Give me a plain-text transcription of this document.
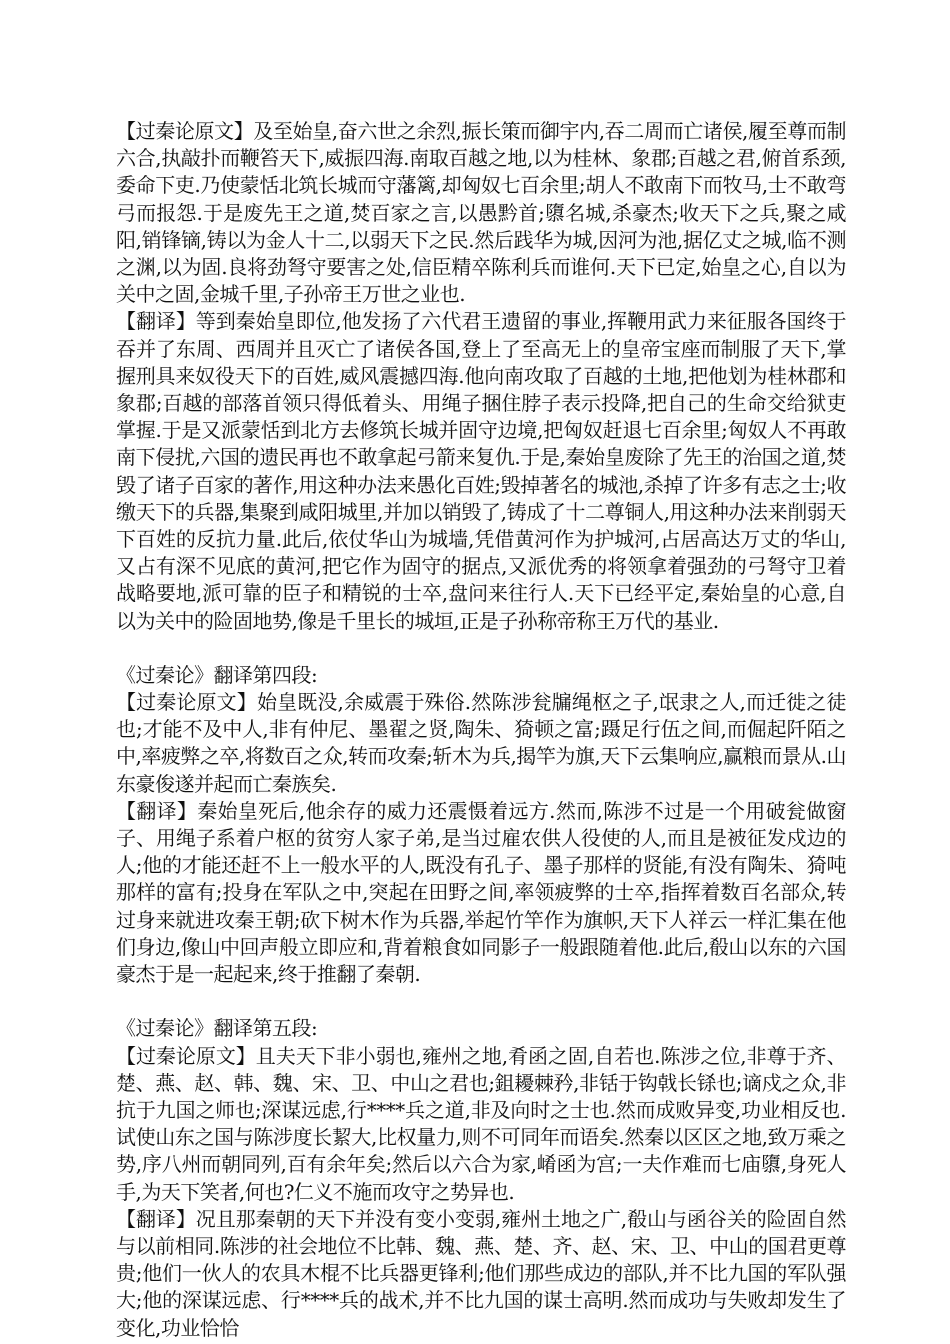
【过秦论原文】及至始皇,奋六世之余烈,振长策而御宇内,吞二周而亡诸侯,履至尊而制六合,执敲扑而鞭笞天下,威振四海.南取百越之地,以为桂林、象郡;百越之君,俯首系颈,委命下吏.乃使蒙恬北筑长城而守藩篱,却匈奴七百余里;胡人不敢南下而牧马,士不敢弯弓而报怨.于是废先王之道,焚百家之言,以愚黔首;隳名城,杀豪杰;收天下之兵,聚之咸阳,销锋镝,铸以为金人十二,以弱天下之民.然后践华为城,因河为池,据亿丈之城,临不测之渊,以为固.良将劲弩守要害之处,信臣精卒陈利兵而谁何.天下已定,始皇之心,自以为关中之固,金城千里,子孙帝王万世之业也.

【翻译】等到秦始皇即位,他发扬了六代君王遗留的事业,挥鞭用武力来征服各国终于吞并了东周、西周并且灭亡了诸侯各国,登上了至高无上的皇帝宝座而制服了天下,掌握刑具来奴役天下的百姓,威风震撼四海.他向南攻取了百越的土地,把他划为桂林郡和象郡;百越的部落首领只得低着头、用绳子捆住脖子表示投降,把自己的生命交给狱吏掌握.于是又派蒙恬到北方去修筑长城并固守边境,把匈奴赶退七百余里;匈奴人不再敢南下侵扰,六国的遗民再也不敢拿起弓箭来复仇.于是,秦始皇废除了先王的治国之道,焚毁了诸子百家的著作,用这种办法来愚化百姓;毁掉著名的城池,杀掉了许多有志之士;收缴天下的兵器,集聚到咸阳城里,并加以销毁了,铸成了十二尊铜人,用这种办法来削弱天下百姓的反抗力量.此后,依仗华山为城墙,凭借黄河作为护城河,占居高达万丈的华山,又占有深不见底的黄河,把它作为固守的据点,又派优秀的将领拿着强劲的弓弩守卫着战略要地,派可靠的臣子和精锐的士卒,盘问来往行人.天下已经平定,秦始皇的心意,自以为关中的险固地势,像是千里长的城垣,正是子孙称帝称王万代的基业.

《过秦论》翻译第四段:

【过秦论原文】始皇既没,余威震于殊俗.然陈涉瓮牖绳枢之子,氓隶之人,而迁徙之徒也;才能不及中人,非有仲尼、墨翟之贤,陶朱、猗顿之富;蹑足行伍之间,而倔起阡陌之中,率疲弊之卒,将数百之众,转而攻秦;斩木为兵,揭竿为旗,天下云集响应,赢粮而景从.山东豪俊遂并起而亡秦族矣.

【翻译】秦始皇死后,他余存的威力还震慑着远方.然而,陈涉不过是一个用破瓮做窗子、用绳子系着户枢的贫穷人家子弟,是当过雇农供人役使的人,而且是被征发戍边的人;他的才能还赶不上一般水平的人,既没有孔子、墨子那样的贤能,有没有陶朱、猗吨那样的富有;投身在军队之中,突起在田野之间,率领疲弊的士卒,指挥着数百名部众,转过身来就进攻秦王朝;砍下树木作为兵器,举起竹竿作为旗帜,天下人祥云一样汇集在他们身边,像山中回声般立即应和,背着粮食如同影子一般跟随着他.此后,殽山以东的六国豪杰于是一起起来,终于推翻了秦朝.

《过秦论》翻译第五段:

【过秦论原文】且夫天下非小弱也,雍州之地,肴函之固,自若也.陈涉之位,非尊于齐、楚、燕、赵、韩、魏、宋、卫、中山之君也;鉏耰棘矜,非铦于钩戟长铩也;谪戍之众,非抗于九国之师也;深谋远虑,行****兵之道,非及向时之士也.然而成败异变,功业相反也.试使山东之国与陈涉度长絜大,比权量力,则不可同年而语矣.然秦以区区之地,致万乘之势,序八州而朝同列,百有余年矣;然后以六合为家,崤函为宫;一夫作难而七庙隳,身死人手,为天下笑者,何也?仁义不施而攻守之势异也.

【翻译】况且那秦朝的天下并没有变小变弱,雍州土地之广,殽山与函谷关的险固自然与以前相同.陈涉的社会地位不比韩、魏、燕、楚、齐、赵、宋、卫、中山的国君更尊贵;他们一伙人的农具木棍不比兵器更锋利;他们那些成边的部队,并不比九国的军队强大;他的深谋远虑、行****兵的战术,并不比九国的谋士高明.然而成功与失败却发生了变化,功业恰恰
